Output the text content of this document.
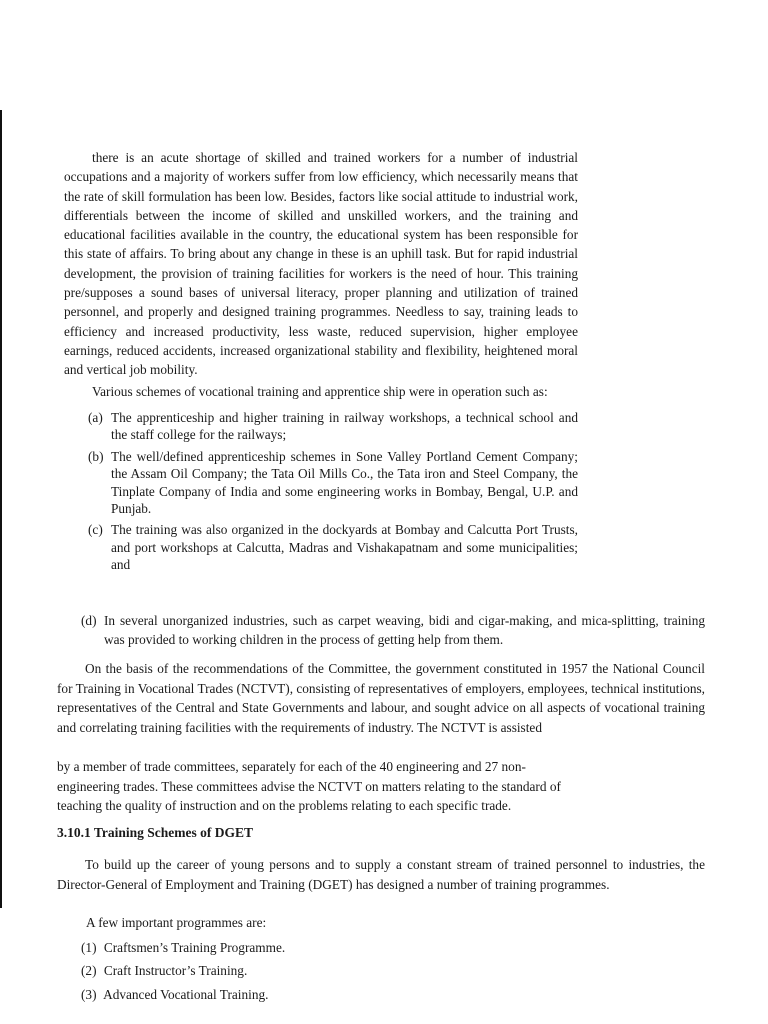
there is an acute shortage of skilled and trained workers for a number of industrial occupations and a majority of workers suffer from low efficiency, which necessarily means that the rate of skill formulation has been low. Besides, factors like social attitude to industrial work, differentials between the income of skilled and unskilled workers, and the training and educational facilities available in the country, the educational system has been responsible for this state of affairs. To bring about any change in these is an uphill task. But for rapid industrial development, the provision of training facilities for workers is the need of hour. This training pre/supposes a sound bases of universal literacy, proper planning and utilization of trained personnel, and properly and designed training programmes. Needless to say, training leads to efficiency and increased productivity, less waste, reduced supervision, higher employee earnings, reduced accidents, increased organizational stability and flexibility, heightened moral and vertical job mobility.

Various schemes of vocational training and apprentice ship were in operation such as:

(a) The apprenticeship and higher training in railway workshops, a technical school and the staff college for the railways;

(b) The well/defined apprenticeship schemes in Sone Valley Portland Cement Company; the Assam Oil Company; the Tata Oil Mills Co., the Tata iron and Steel Company, the Tinplate Company of India and some engineering works in Bombay, Bengal, U.P. and Punjab.

(c) The training was also organized in the dockyards at Bombay and Calcutta Port Trusts, and port workshops at Calcutta, Madras and Vishakapatnam and some municipalities; and

(d) In several unorganized industries, such as carpet weaving, bidi and cigar-making, and mica-splitting, training was provided to working children in the process of getting help from them.

On the basis of the recommendations of the Committee, the government constituted in 1957 the National Council for Training in Vocational Trades (NCTVT), consisting of representatives of employers, employees, technical institutions, representatives of the Central and State Governments and labour, and sought advice on all aspects of vocational training and correlating training facilities with the requirements of industry. The NCTVT is assisted

by a member of trade committees, separately for each of the 40 engineering and 27 non-engineering trades. These committees advise the NCTVT on matters relating to the standard of teaching the quality of instruction and on the problems relating to each specific trade.

3.10.1 Training Schemes of DGET

To build up the career of young persons and to supply a constant stream of trained personnel to industries, the Director-General of Employment and Training (DGET) has designed a number of training programmes.

A few important programmes are:

(1) Craftsmen’s Training Programme.

(2) Craft Instructor’s Training.

(3) Advanced Vocational Training.
